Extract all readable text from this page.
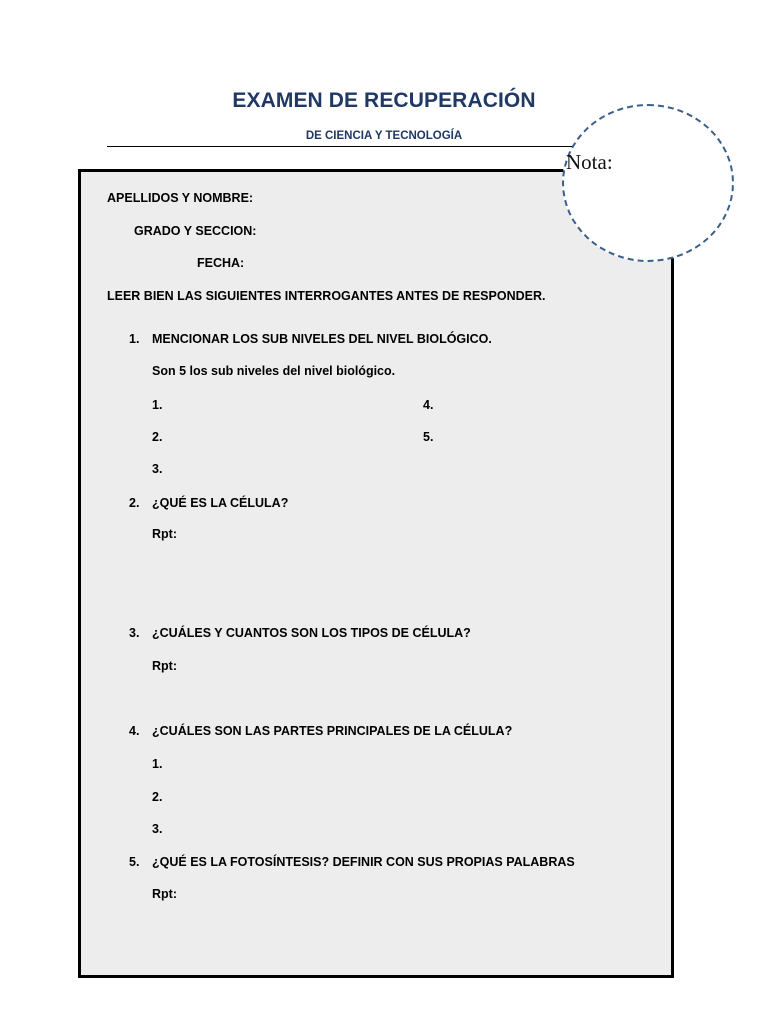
EXAMEN DE RECUPERACIÓN
DE CIENCIA Y TECNOLOGÍA
APELLIDOS Y NOMBRE:
GRADO Y SECCION:
FECHA:
LEER BIEN LAS SIGUIENTES INTERROGANTES ANTES DE RESPONDER.
1. MENCIONAR LOS SUB NIVELES DEL NIVEL BIOLÓGICO.
Son 5 los sub niveles del nivel biológico.
1.
2.
3.
4.
5.
2. ¿QUÉ ES LA CÉLULA?
Rpt:
3. ¿CUÁLES Y CUANTOS SON LOS TIPOS DE CÉLULA?
Rpt:
4. ¿CUÁLES SON LAS PARTES PRINCIPALES DE LA CÉLULA?
1.
2.
3.
5. ¿QUÉ ES LA FOTOSÍNTESIS? DEFINIR CON SUS PROPIAS PALABRAS
Rpt:
Nota:
